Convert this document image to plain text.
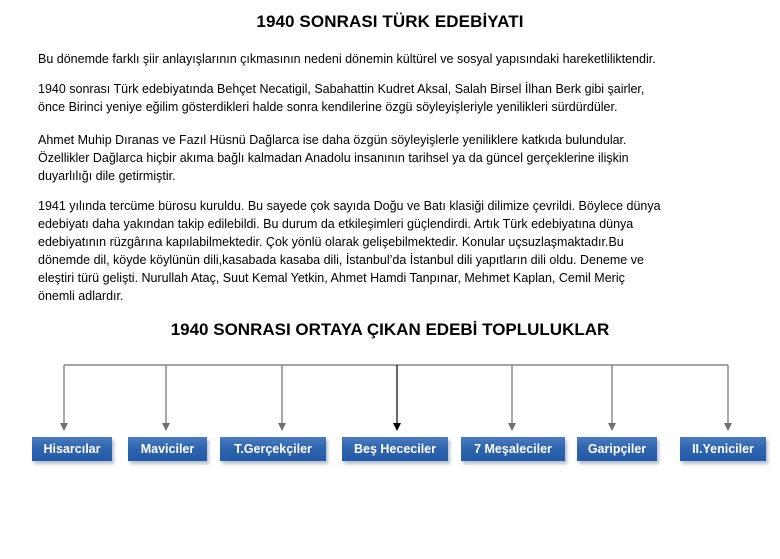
1940 SONRASI TÜRK EDEBİYATI

Bu dönemde farklı şiir anlayışlarının çıkmasının nedeni dönemin kültürel ve sosyal yapısındaki hareketliliktendir.

1940 sonrası Türk edebiyatında Behçet Necatigil, Sabahattin Kudret Aksal, Salah Birsel İlhan Berk gibi şairler,
önce Birinci yeniye eğilim gösterdikleri halde sonra kendilerine özgü söyleyişleriyle yenilikleri sürdürdüler.

Ahmet Muhip Dıranas ve Fazıl Hüsnü Dağlarca ise daha özgün söyleyişlerle yeniliklere katkıda bulundular.
Özellikler Dağlarca hiçbir akıma bağlı kalmadan Anadolu insanının tarihsel ya da güncel gerçeklerine ilişkin
duyarlılığı dile getirmiştir.

1941 yılında tercüme bürosu kuruldu. Bu sayede çok sayıda Doğu ve Batı klasiği dilimize çevrildi. Böylece dünya
edebiyatı daha yakından takip edilebildi. Bu durum da etkileşimleri güçlendirdi. Artık Türk edebiyatına dünya
edebiyatının rüzgârına kapılabilmektedir. Çok yönlü olarak gelişebilmektedir. Konular uçsuzlaşmaktadır.Bu
dönemde dil, köyde köylünün dili,kasabada kasaba dili, İstanbul’da İstanbul dili yapıtların dili oldu. Deneme ve
eleştiri türü gelişti. Nurullah Ataç, Suut Kemal Yetkin, Ahmet Hamdi Tanpınar, Mehmet Kaplan, Cemil Meriç
önemli adlardır.

1940 SONRASI ORTAYA ÇIKAN EDEBİ TOPLULUKLAR
Hisarcılar	Maviciler	T.Gerçekçiler	Beş Hececiler	7 Meşaleciler	Garipçiler	II.Yeniciler
